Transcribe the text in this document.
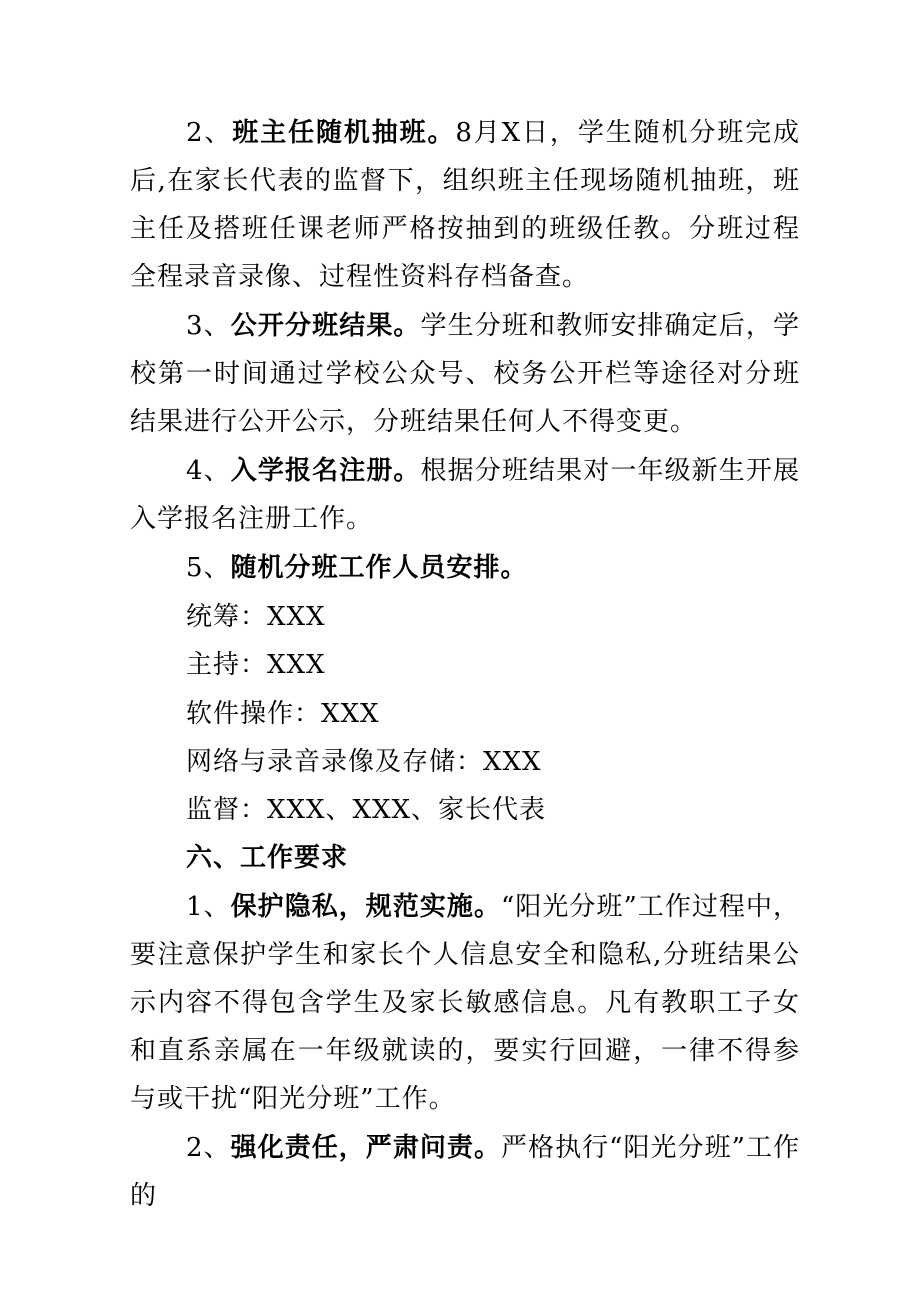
2、班主任随机抽班。8月X日，学生随机分班完成后,在家长代表的监督下，组织班主任现场随机抽班，班主任及搭班任课老师严格按抽到的班级任教。分班过程全程录音录像、过程性资料存档备查。

3、公开分班结果。学生分班和教师安排确定后，学校第一时间通过学校公众号、校务公开栏等途径对分班结果进行公开公示，分班结果任何人不得变更。

4、入学报名注册。根据分班结果对一年级新生开展入学报名注册工作。

5、随机分班工作人员安排。

统筹：XXX

主持：XXX

软件操作：XXX

网络与录音录像及存储：XXX

监督：XXX、XXX、家长代表

六、工作要求

1、保护隐私，规范实施。“阳光分班”工作过程中，要注意保护学生和家长个人信息安全和隐私,分班结果公示内容不得包含学生及家长敏感信息。凡有教职工子女和直系亲属在一年级就读的，要实行回避，一律不得参与或干扰“阳光分班”工作。

2、强化责任，严肃问责。严格执行“阳光分班”工作的
